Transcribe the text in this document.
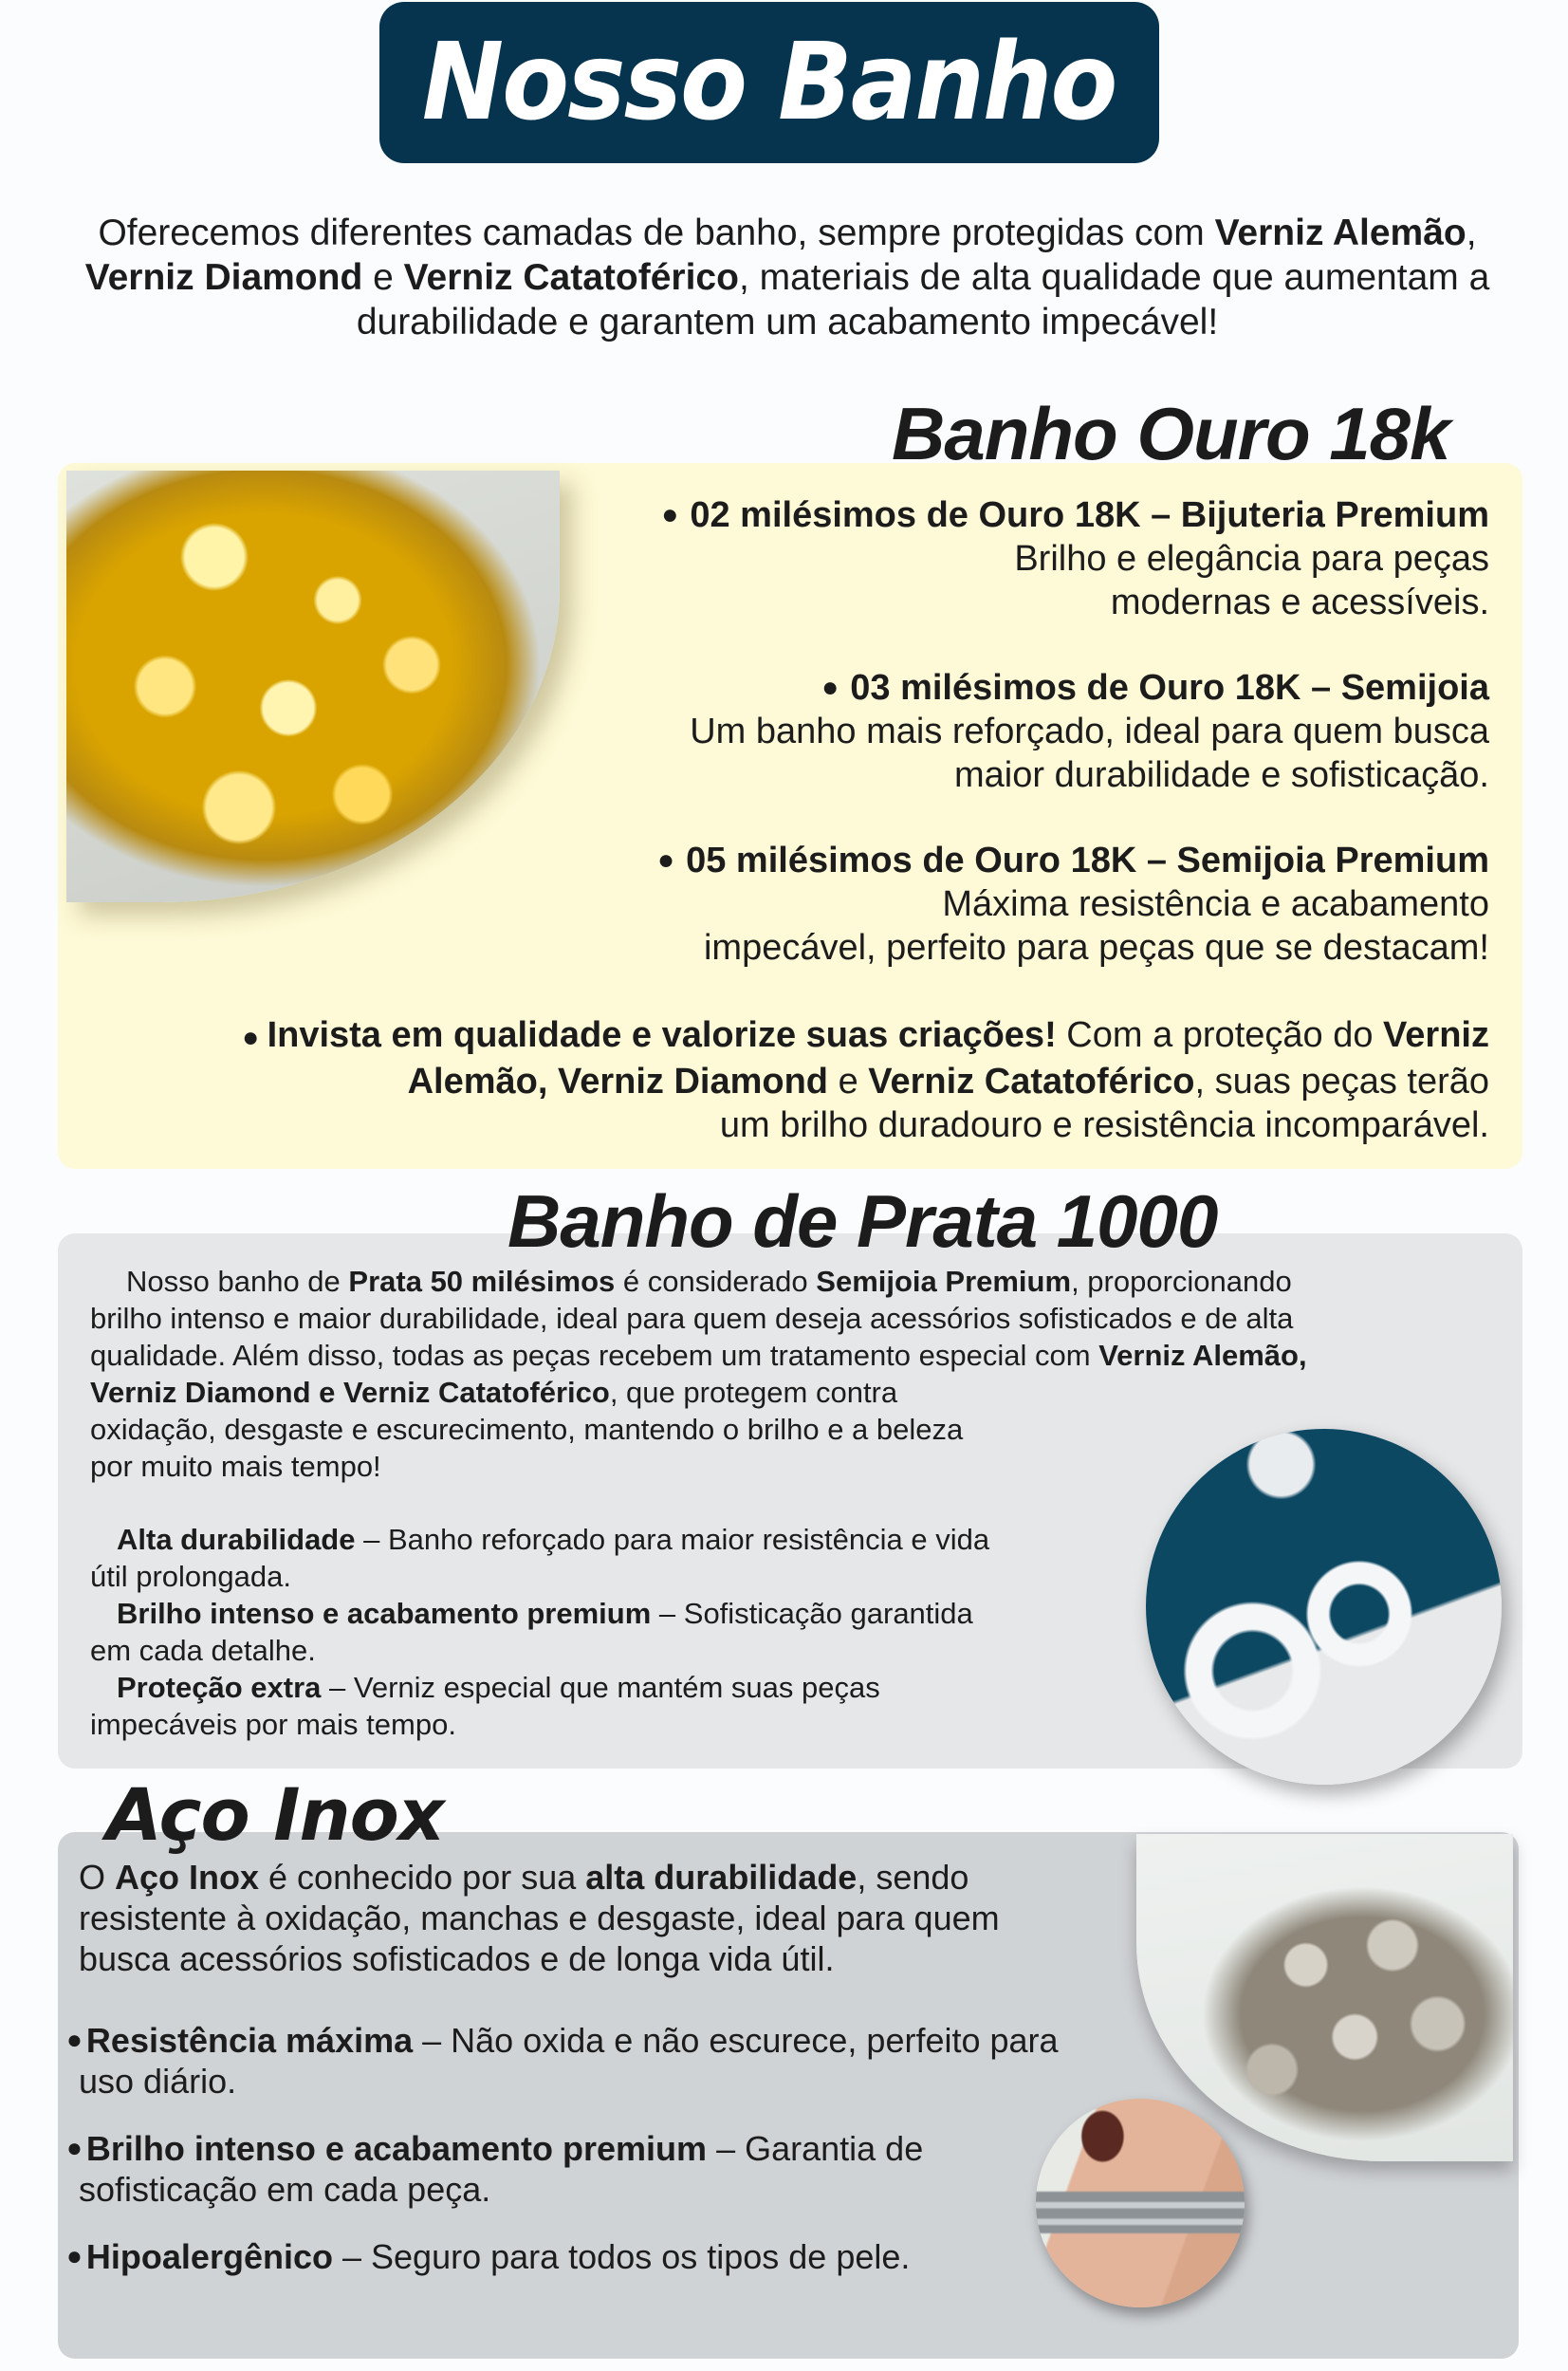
Nosso Banho

Oferecemos diferentes camadas de banho, sempre protegidas com Verniz Alemão, Verniz Diamond e Verniz Catatoférico, materiais de alta qualidade que aumentam a durabilidade e garantem um acabamento impecável!

Banho Ouro 18k
● 02 milésimos de Ouro 18K – Bijuteria Premium
Brilho e elegância para peças
modernas e acessíveis.
● 03 milésimos de Ouro 18K – Semijoia
Um banho mais reforçado, ideal para quem busca
maior durabilidade e sofisticação.
● 05 milésimos de Ouro 18K – Semijoia Premium
Máxima resistência e acabamento
impecável, perfeito para peças que se destacam!
● Invista em qualidade e valorize suas criações! Com a proteção do Verniz
Alemão, Verniz Diamond e Verniz Catatoférico, suas peças terão
um brilho duradouro e resistência incomparável.
Banho de Prata 1000
Nosso banho de Prata 50 milésimos é considerado Semijoia Premium, proporcionando
brilho intenso e maior durabilidade, ideal para quem deseja acessórios sofisticados e de alta
qualidade. Além disso, todas as peças recebem um tratamento especial com Verniz Alemão,
Verniz Diamond e Verniz Catatoférico, que protegem contra
oxidação, desgaste e escurecimento, mantendo o brilho e a beleza
por muito mais tempo!
Alta durabilidade – Banho reforçado para maior resistência e vida
útil prolongada.
Brilho intenso e acabamento premium – Sofisticação garantida
em cada detalhe.
Proteção extra – Verniz especial que mantém suas peças
impecáveis por mais tempo.
Aço Inox
O Aço Inox é conhecido por sua alta durabilidade, sendo
resistente à oxidação, manchas e desgaste, ideal para quem
busca acessórios sofisticados e de longa vida útil.
● Resistência máxima – Não oxida e não escurece, perfeito para
uso diário.
● Brilho intenso e acabamento premium – Garantia de
sofisticação em cada peça.
● Hipoalergênico – Seguro para todos os tipos de pele.
